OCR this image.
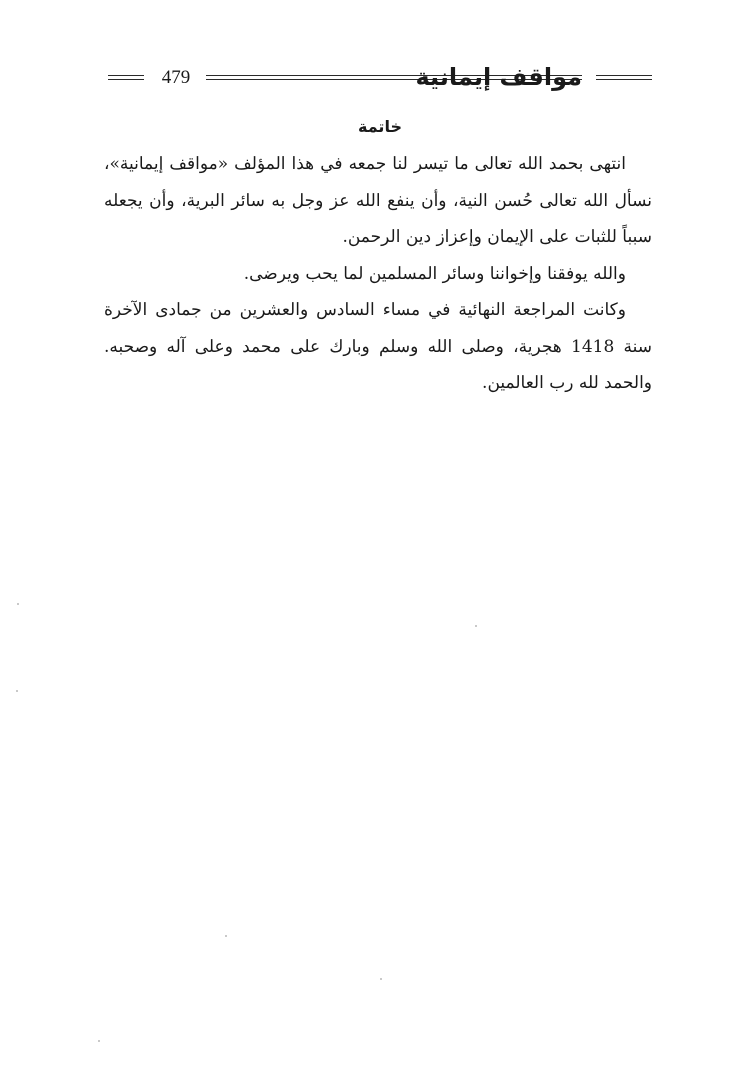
479	مواقف إيمانية
خاتمة

انتهى بحمد الله تعالى ما تيسر لنا جمعه في هذا المؤلف «مواقف إيمانية»، نسأل الله تعالى حُسن النية، وأن ينفع الله عز وجل به سائر البرية، وأن يجعله سبباً للثبات على الإيمان وإعزاز دين الرحمن.

والله يوفقنا وإخواننا وسائر المسلمين لما يحب ويرضى.

وكانت المراجعة النهائية في مساء السادس والعشرين من جمادى الآخرة سنة 1418 هجرية، وصلى الله وسلم وبارك على محمد وعلى آله وصحبه. والحمد لله رب العالمين.
